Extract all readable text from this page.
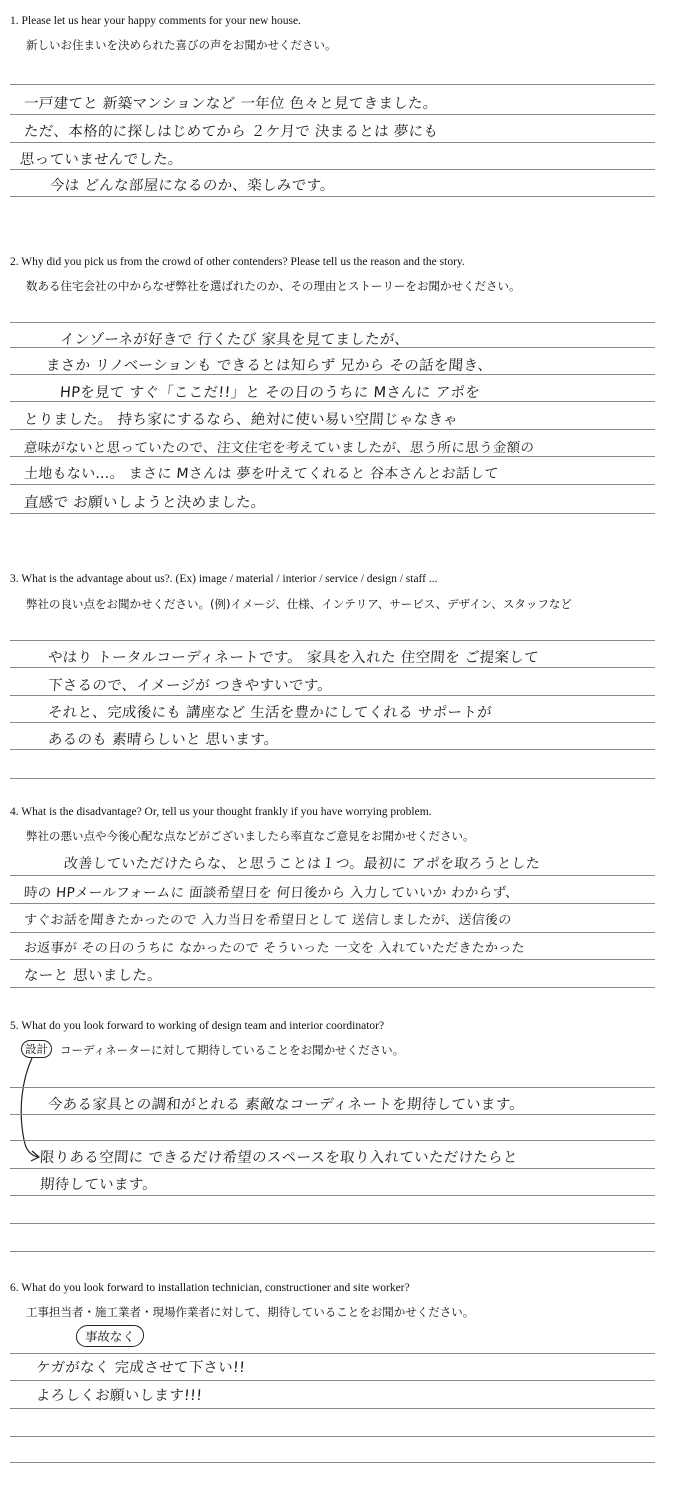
1. Please let us hear your happy comments for your new house.
新しいお住まいを決められた喜びの声をお聞かせください。
一戸建てと 新築マンションなど 一年位 色々と見てきました。
ただ、本格的に探しはじめてから ２ケ月で 決まるとは 夢にも
思っていませんでした。
今は どんな部屋になるのか、楽しみです。
2. Why did you pick us from the crowd of other contenders? Please tell us the reason and the story.
数ある住宅会社の中からなぜ弊社を選ばれたのか、その理由とストーリーをお聞かせください。
インゾーネが好きで 行くたび 家具を見てましたが、
まさか リノベーションも できるとは知らず 兄から その話を聞き、
HPを見て すぐ「ここだ!!」と その日のうちに Mさんに アポを
とりました。 持ち家にするなら、絶対に使い易い空間じゃなきゃ
意味がないと思っていたので、注文住宅を考えていましたが、思う所に思う金額の
土地もない…。 まさに Mさんは 夢を叶えてくれると 谷本さんとお話して
直感で お願いしようと決めました。
3. What is the advantage about us?. (Ex) image / material / interior / service / design / staff ...
弊社の良い点をお聞かせください。(例)イメージ、仕様、インテリア、サービス、デザイン、スタッフなど
やはり トータルコーディネートです。 家具を入れた 住空間を ご提案して
下さるので、イメージが つきやすいです。
それと、完成後にも 講座など 生活を豊かにしてくれる サポートが
あるのも 素晴らしいと 思います。
4. What is the disadvantage? Or, tell us your thought frankly if you have worrying problem.
弊社の悪い点や今後心配な点などがございましたら率直なご意見をお聞かせください。
改善していただけたらな、と思うことは１つ。最初に アポを取ろうとした
時の HPメールフォームに 面談希望日を 何日後から 入力していいか わからず、
すぐお話を聞きたかったので 入力当日を希望日として 送信しましたが、送信後の
お返事が その日のうちに なかったので そういった 一文を 入れていただきたかった
なーと 思いました。
5. What do you look forward to working of design team and interior coordinator?
設計	コーディネーターに対して期待していることをお聞かせください。
今ある家具との調和がとれる 素敵なコーディネートを期待しています。
限りある空間に できるだけ希望のスペースを取り入れていただけたらと
期待しています。
6. What do you look forward to installation technician, constructioner and site worker?
工事担当者・施工業者・現場作業者に対して、期待していることをお聞かせください。
事故なく
ケガがなく 完成させて下さい!!
よろしくお願いします!!!
